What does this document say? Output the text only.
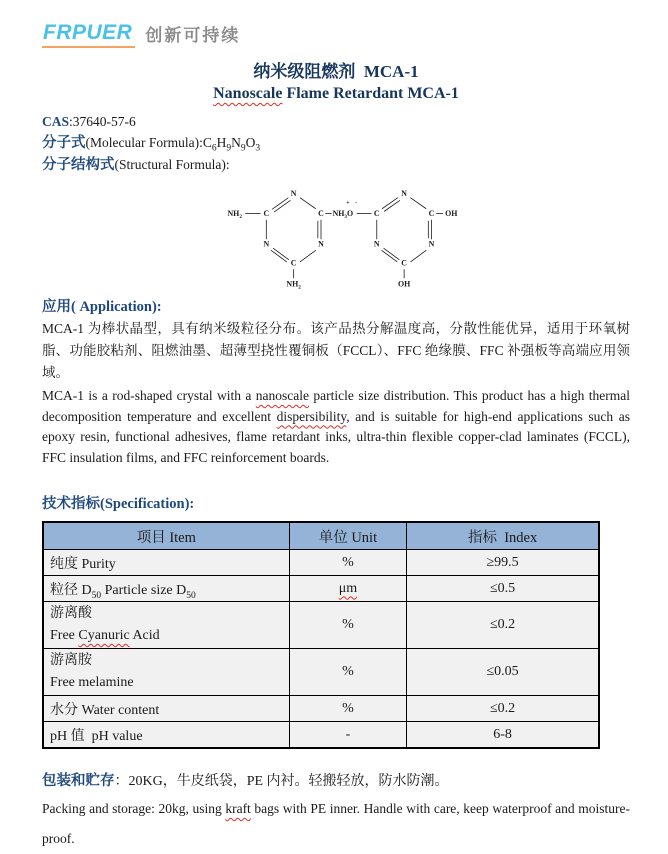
FRPUER 创新可持续
纳米级阻燃剂 MCA-1
Nanoscale Flame Retardant MCA-1
CAS:37640-57-6
分子式(Molecular $Formula):C_6H_9N_9O_3$
分子结构式(Structural Formula):
$NH_2$ C
N
C
N	N
C
$NH_2$
+ -
$NH_3O$ C
N
C
N	N
C
OH
OH
应用( Application):
MCA-1 为棒状晶型，具有纳米级粒径分布。该产品热分解温度高，分散性能优异，适用于环氧树脂、功能胶粘剂、阻燃油墨、超薄型挠性覆铜板（FCCL）、FFC 绝缘膜、FFC 补强板等高端应用领域。
MCA-1 is a rod-shaped crystal with a nanoscale particle size distribution. This product has a high thermal decomposition temperature and excellent dispersibility, and is suitable for high-end applications such as epoxy resin, functional adhesives, flame retardant inks, ultra-thin flexible copper-clad laminates (FCCL), FFC insulation films, and FFC reinforcement boards.
技术指标(Specification):
项目 Item	单位 Unit	指标 Index
纯度 Purity	%	≥99.5
粒径 $D_{50}$ Particle size $D_{50}$	μm	≤0.5
游离酸
Free Cyanuric Acid	%	≤0.2
游离胺
Free melamine	%	≤0.05
水分 Water content	%	≤0.2
pH 值 pH value	-	6-8
包装和贮存：20KG，牛皮纸袋，PE 内衬。轻搬轻放，防水防潮。
Packing and storage: 20kg, using kraft bags with PE inner. Handle with care, keep waterproof and moisture-proof.
